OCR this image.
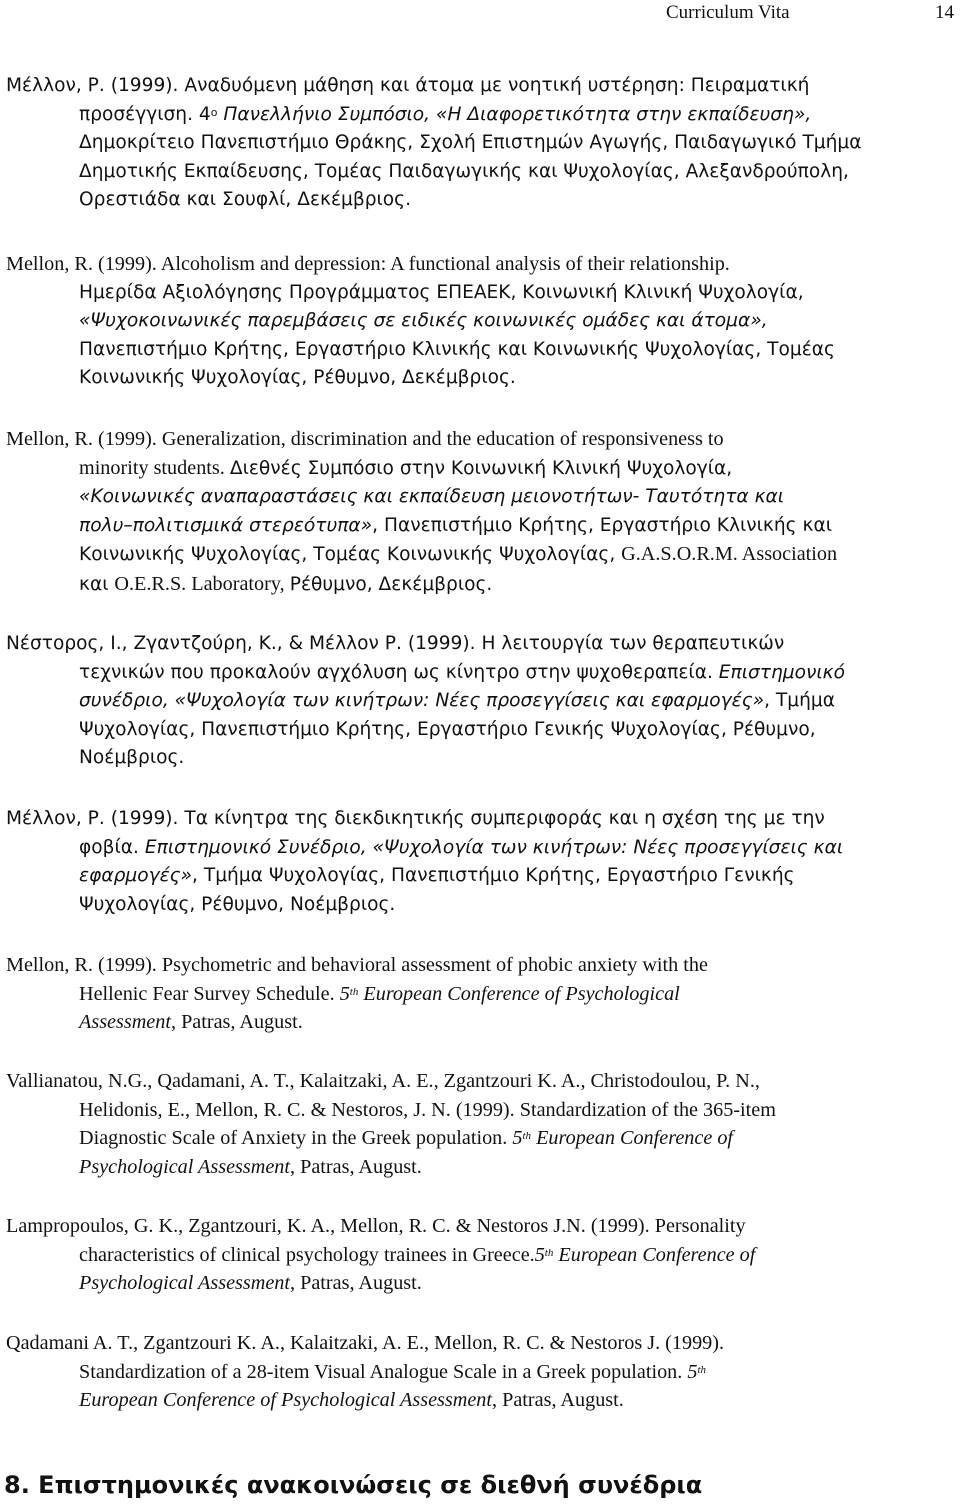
Curriculum Vita	14
Μέλλον, Ρ. (1999). Αναδυόμενη μάθηση και άτομα με νοητική υστέρηση: Πειραματική
προσέγγιση. 4$^o$ Πανελλήνιο Συμπόσιο, «Η Διαφορετικότητα στην εκπαίδευση»,
Δημοκρίτειο Πανεπιστήμιο Θράκης, Σχολή Επιστημών Αγωγής, Παιδαγωγικό Τμήμα
Δημοτικής Εκπαίδευσης, Τομέας Παιδαγωγικής και Ψυχολογίας, Αλεξανδρούπολη,
Ορεστιάδα και Σουφλί, Δεκέμβριος.
Mellon, R. (1999). Alcoholism and depression: A functional analysis of their relationship.
Ημερίδα Αξιολόγησης Προγράμματος ΕΠΕΑΕΚ, Κοινωνική Κλινική Ψυχολογία,
«Ψυχοκοινωνικές παρεμβάσεις σε ειδικές κοινωνικές ομάδες και άτομα»,
Πανεπιστήμιο Κρήτης, Εργαστήριο Κλινικής και Κοινωνικής Ψυχολογίας, Τομέας
Κοινωνικής Ψυχολογίας, Ρέθυμνο, Δεκέμβριος.
Mellon, R. (1999). Generalization, discrimination and the education of responsiveness to
minority students. Διεθνές Συμπόσιο στην Κοινωνική Κλινική Ψυχολογία,
«Κοινωνικές αναπαραστάσεις και εκπαίδευση μειονοτήτων- Ταυτότητα και
πολυ–πολιτισμικά στερεότυπα», Πανεπιστήμιο Κρήτης, Εργαστήριο Κλινικής και
Κοινωνικής Ψυχολογίας, Τομέας Κοινωνικής Ψυχολογίας, G.A.S.O.R.M. Association
και O.E.R.S. Laboratory, Ρέθυμνο, Δεκέμβριος.
Νέστορος, Ι., Ζγαντζούρη, Κ., & Μέλλον Ρ. (1999). Η λειτουργία των θεραπευτικών
τεχνικών που προκαλούν αγχόλυση ως κίνητρο στην ψυχοθεραπεία. Επιστημονικό
συνέδριο, «Ψυχολογία των κινήτρων: Νέες προσεγγίσεις και εφαρμογές», Τμήμα
Ψυχολογίας, Πανεπιστήμιο Κρήτης, Εργαστήριο Γενικής Ψυχολογίας, Ρέθυμνο,
Νοέμβριος.
Μέλλον, Ρ. (1999). Τα κίνητρα της διεκδικητικής συμπεριφοράς και η σχέση της με την
φοβία. Επιστημονικό Συνέδριο, «Ψυχολογία των κινήτρων: Νέες προσεγγίσεις και
εφαρμογές», Τμήμα Ψυχολογίας, Πανεπιστήμιο Κρήτης, Εργαστήριο Γενικής
Ψυχολογίας, Ρέθυμνο, Νοέμβριος.
Mellon, R. (1999). Psychometric and behavioral assessment of phobic anxiety with the
Hellenic Fear Survey Schedule. 5th European Conference of Psychological
Assessment, Patras, August.
Vallianatou, N.G., Qadamani, A. T., Kalaitzaki, A. E., Zgantzouri K. A., Christodoulou, P. N.,
Helidonis, E., Mellon, R. C. & Nestoros, J. N. (1999). Standardization of the 365-item
Diagnostic Scale of Anxiety in the Greek population. 5th European Conference of
Psychological Assessment, Patras, August.
Lampropoulos, G. K., Zgantzouri, K. A., Mellon, R. C. & Nestoros J.N. (1999). Personality
characteristics of clinical psychology trainees in Greece.5th European Conference of
Psychological Assessment, Patras, August.
Qadamani A. T., Zgantzouri K. A., Kalaitzaki, A. E., Mellon, R. C. & Nestoros J. (1999).
Standardization of a 28-item Visual Analogue Scale in a Greek population. 5th
European Conference of Psychological Assessment, Patras, August.
8. Επιστημονικές ανακοινώσεις σε διεθνή συνέδρια
